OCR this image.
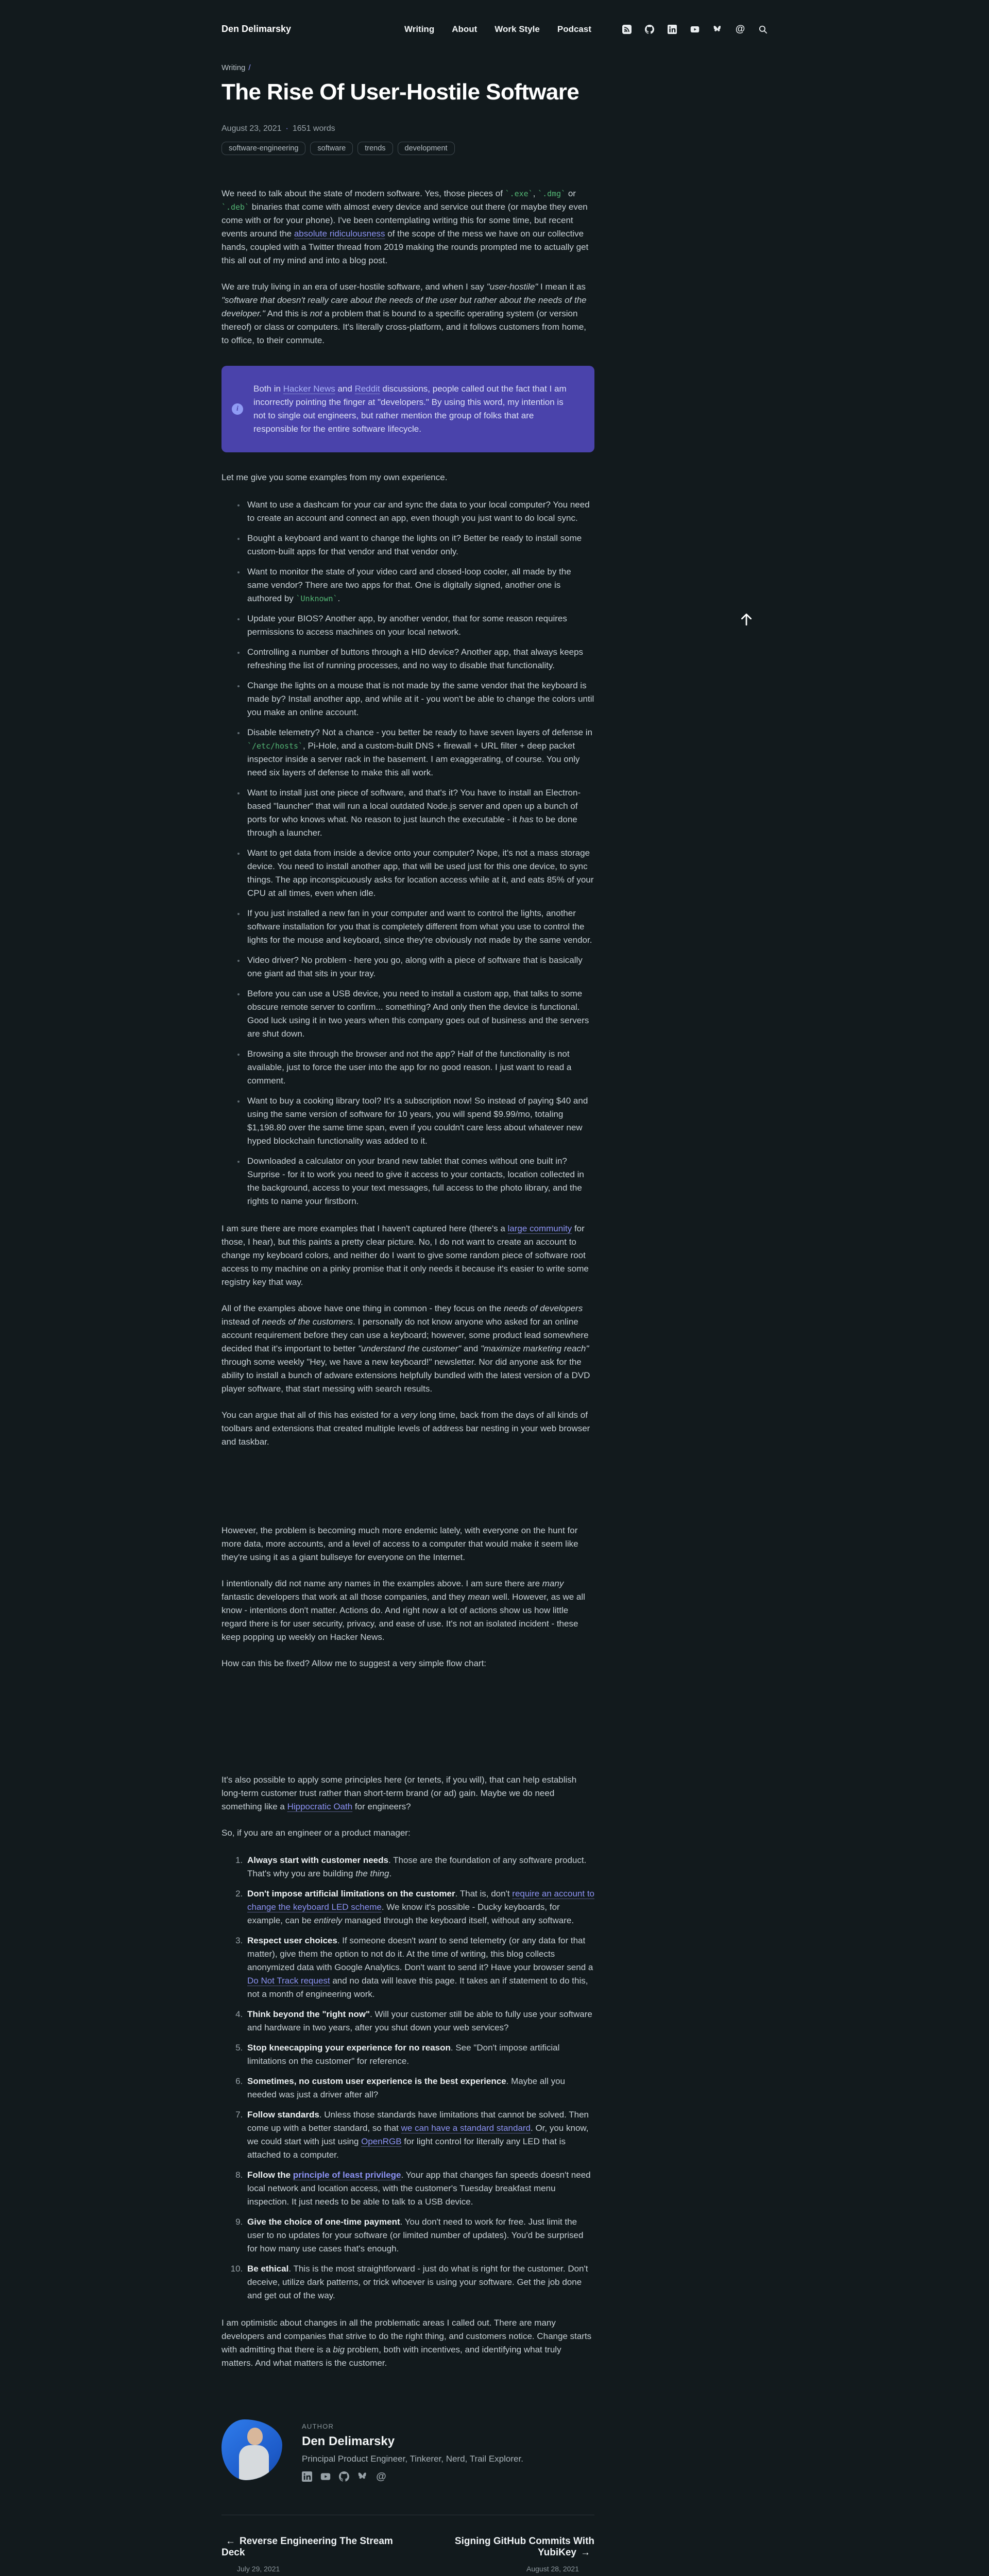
Den Delimarsky	Writing About Work Style Podcast	@
Writing /
The Rise Of User-Hostile Software
August 23, 2021 · 1651 words
software-engineering	software	trends	development

We need to talk about the state of modern software. Yes, those pieces of `.exe`, `.dmg` or `.deb` binaries that come with almost every device and service out there (or maybe they even come with or for your phone). I've been contemplating writing this for some time, but recent events around the absolute ridiculousness of the scope of the mess we have on our collective hands, coupled with a Twitter thread from 2019 making the rounds prompted me to actually get this all out of my mind and into a blog post.

We are truly living in an era of user-hostile software, and when I say "user-hostile" I mean it as "software that doesn't really care about the needs of the user but rather about the needs of the developer." And this is not a problem that is bound to a specific operating system (or version thereof) or class or computers. It's literally cross-platform, and it follows customers from home, to office, to their commute.

i
Both in Hacker News and Reddit discussions, people called out the fact that I am incorrectly pointing the finger at "developers." By using this word, my intention is not to single out engineers, but rather mention the group of folks that are responsible for the entire software lifecycle.

Let me give you some examples from my own experience.

• Want to use a dashcam for your car and sync the data to your local computer? You need to create an account and connect an app, even though you just want to do local sync.
• Bought a keyboard and want to change the lights on it? Better be ready to install some custom-built apps for that vendor and that vendor only.
• Want to monitor the state of your video card and closed-loop cooler, all made by the same vendor? There are two apps for that. One is digitally signed, another one is authored by `Unknown`.
• Update your BIOS? Another app, by another vendor, that for some reason requires permissions to access machines on your local network.
• Controlling a number of buttons through a HID device? Another app, that always keeps refreshing the list of running processes, and no way to disable that functionality.
• Change the lights on a mouse that is not made by the same vendor that the keyboard is made by? Install another app, and while at it - you won't be able to change the colors until you make an online account.
• Disable telemetry? Not a chance - you better be ready to have seven layers of defense in `/etc/hosts`, Pi-Hole, and a custom-built DNS + firewall + URL filter + deep packet inspector inside a server rack in the basement. I am exaggerating, of course. You only need six layers of defense to make this all work.
• Want to install just one piece of software, and that's it? You have to install an Electron-based "launcher" that will run a local outdated Node.js server and open up a bunch of ports for who knows what. No reason to just launch the executable - it has to be done through a launcher.
• Want to get data from inside a device onto your computer? Nope, it's not a mass storage device. You need to install another app, that will be used just for this one device, to sync things. The app inconspicuously asks for location access while at it, and eats 85% of your CPU at all times, even when idle.
• If you just installed a new fan in your computer and want to control the lights, another software installation for you that is completely different from what you use to control the lights for the mouse and keyboard, since they're obviously not made by the same vendor.
• Video driver? No problem - here you go, along with a piece of software that is basically one giant ad that sits in your tray.
• Before you can use a USB device, you need to install a custom app, that talks to some obscure remote server to confirm... something? And only then the device is functional. Good luck using it in two years when this company goes out of business and the servers are shut down.
• Browsing a site through the browser and not the app? Half of the functionality is not available, just to force the user into the app for no good reason. I just want to read a comment.
• Want to buy a cooking library tool? It's a subscription now! So instead of paying $40 and using the same version of software for 10 years, you will spend $9.99/mo, totaling $1,198.80 over the same time span, even if you couldn't care less about whatever new hyped blockchain functionality was added to it.
• Downloaded a calculator on your brand new tablet that comes without one built in? Surprise - for it to work you need to give it access to your contacts, location collected in the background, access to your text messages, full access to the photo library, and the rights to name your firstborn.

I am sure there are more examples that I haven't captured here (there's a large community for those, I hear), but this paints a pretty clear picture. No, I do not want to create an account to change my keyboard colors, and neither do I want to give some random piece of software root access to my machine on a pinky promise that it only needs it because it's easier to write some registry key that way.

All of the examples above have one thing in common - they focus on the needs of developers instead of needs of the customers. I personally do not know anyone who asked for an online account requirement before they can use a keyboard; however, some product lead somewhere decided that it's important to better "understand the customer" and "maximize marketing reach" through some weekly "Hey, we have a new keyboard!" newsletter. Nor did anyone ask for the ability to install a bunch of adware extensions helpfully bundled with the latest version of a DVD player software, that start messing with search results.

You can argue that all of this has existed for a very long time, back from the days of all kinds of toolbars and extensions that created multiple levels of address bar nesting in your web browser and taskbar.

However, the problem is becoming much more endemic lately, with everyone on the hunt for more data, more accounts, and a level of access to a computer that would make it seem like they're using it as a giant bullseye for everyone on the Internet.

I intentionally did not name any names in the examples above. I am sure there are many fantastic developers that work at all those companies, and they mean well. However, as we all know - intentions don't matter. Actions do. And right now a lot of actions show us how little regard there is for user security, privacy, and ease of use. It's not an isolated incident - these keep popping up weekly on Hacker News.

How can this be fixed? Allow me to suggest a very simple flow chart:

It's also possible to apply some principles here (or tenets, if you will), that can help establish long-term customer trust rather than short-term brand (or ad) gain. Maybe we do need something like a Hippocratic Oath for engineers?

So, if you are an engineer or a product manager:

1. Always start with customer needs. Those are the foundation of any software product. That's why you are building the thing.
2. Don't impose artificial limitations on the customer. That is, don't require an account to change the keyboard LED scheme. We know it's possible - Ducky keyboards, for example, can be entirely managed through the keyboard itself, without any software.
3. Respect user choices. If someone doesn't want to send telemetry (or any data for that matter), give them the option to not do it. At the time of writing, this blog collects anonymized data with Google Analytics. Don't want to send it? Have your browser send a Do Not Track request and no data will leave this page. It takes an if statement to do this, not a month of engineering work.
4. Think beyond the "right now". Will your customer still be able to fully use your software and hardware in two years, after you shut down your web services?
5. Stop kneecapping your experience for no reason. See "Don't impose artificial limitations on the customer" for reference.
6. Sometimes, no custom user experience is the best experience. Maybe all you needed was just a driver after all?
7. Follow standards. Unless those standards have limitations that cannot be solved. Then come up with a better standard, so that we can have a standard standard. Or, you know, we could start with just using OpenRGB for light control for literally any LED that is attached to a computer.
8. Follow the principle of least privilege. Your app that changes fan speeds doesn't need local network and location access, with the customer's Tuesday breakfast menu inspection. It just needs to be able to talk to a USB device.
9. Give the choice of one-time payment. You don't need to work for free. Just limit the user to no updates for your software (or limited number of updates). You'd be surprised for how many use cases that's enough.
10. Be ethical. This is the most straightforward - just do what is right for the customer. Don't deceive, utilize dark patterns, or trick whoever is using your software. Get the job done and get out of the way.

I am optimistic about changes in all the problematic areas I called out. There are many developers and companies that strive to do the right thing, and customers notice. Change starts with admitting that there is a big problem, both with incentives, and identifying what truly matters. And what matters is the customer.

AUTHOR
Den Delimarsky
Principal Product Engineer, Tinkerer, Nerd, Trail Explorer.
@
← Reverse Engineering The Stream Deck
July 29, 2021
Signing GitHub Commits With YubiKey →
August 28, 2021
